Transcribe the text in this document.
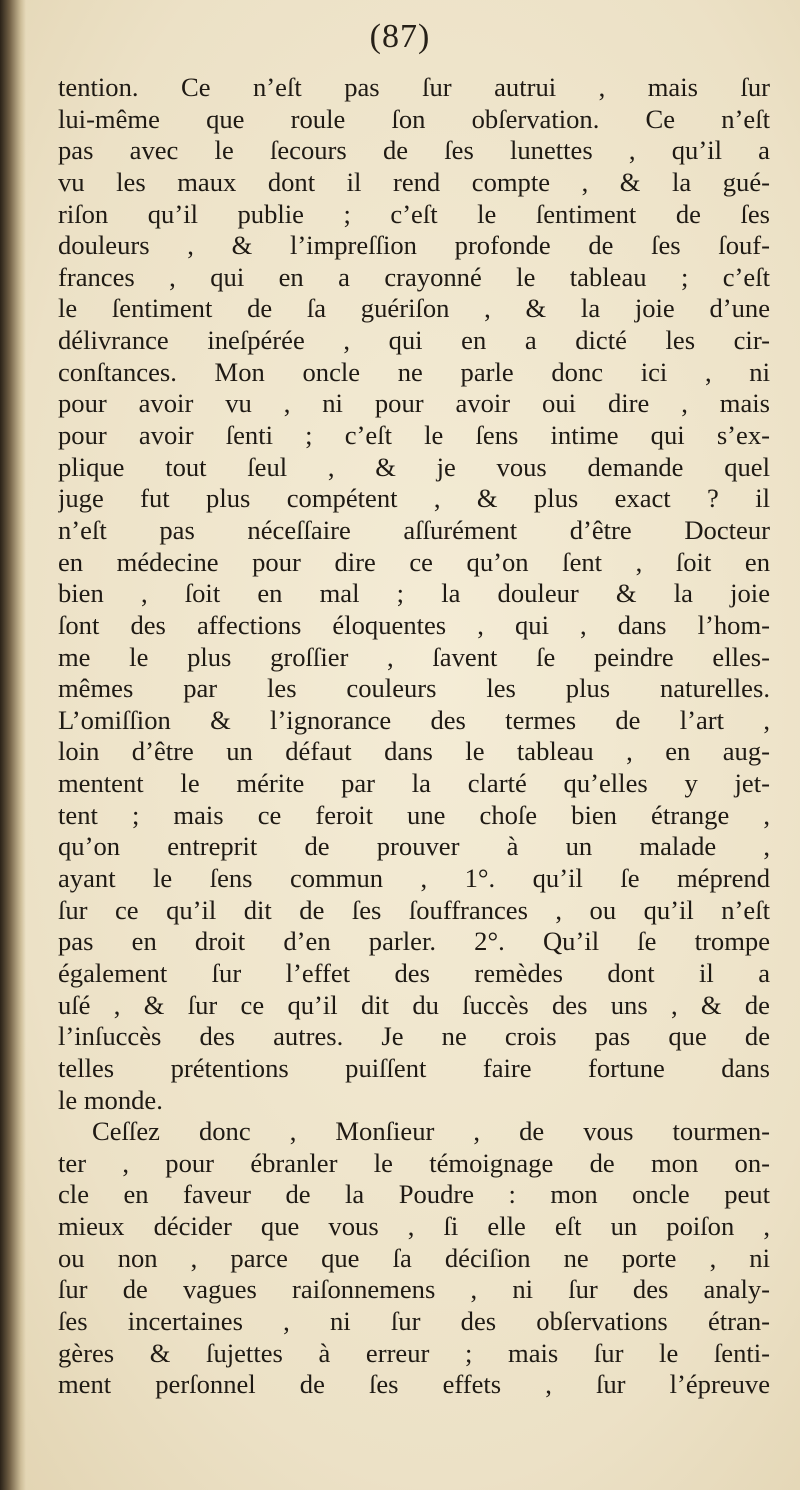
(87)
tention. Ce n’eſt pas ſur autrui , mais ſur
lui-même que roule ſon obſervation. Ce n’eſt
pas avec le ſecours de ſes lunettes , qu’il a
vu les maux dont il rend compte , & la gué-
riſon qu’il publie ; c’eſt le ſentiment de ſes
douleurs , & l’impreſſion profonde de ſes ſouf-
frances , qui en a crayonné le tableau ; c’eſt
le ſentiment de ſa guériſon , & la joie d’une
délivrance ineſpérée , qui en a dicté les cir-
conſtances. Mon oncle ne parle donc ici , ni
pour avoir vu , ni pour avoir oui dire , mais
pour avoir ſenti ; c’eſt le ſens intime qui s’ex-
plique tout ſeul , & je vous demande quel
juge fut plus compétent , & plus exact ? il
n’eſt pas néceſſaire aſſurément d’être Docteur
en médecine pour dire ce qu’on ſent , ſoit en
bien , ſoit en mal ; la douleur & la joie
ſont des affections éloquentes , qui , dans l’hom-
me le plus groſſier , ſavent ſe peindre elles-
mêmes par les couleurs les plus naturelles.
L’omiſſion & l’ignorance des termes de l’art ,
loin d’être un défaut dans le tableau , en aug-
mentent le mérite par la clarté qu’elles y jet-
tent ; mais ce feroit une choſe bien étrange ,
qu’on entreprit de prouver à un malade ,
ayant le ſens commun , 1°. qu’il ſe méprend
ſur ce qu’il dit de ſes ſouffrances , ou qu’il n’eſt
pas en droit d’en parler. 2°. Qu’il ſe trompe
également ſur l’effet des remèdes dont il a
uſé , & ſur ce qu’il dit du ſuccès des uns , & de
l’inſuccès des autres. Je ne crois pas que de
telles prétentions puiſſent faire fortune dans
le monde.
Ceſſez donc , Monſieur , de vous tourmen-
ter , pour ébranler le témoignage de mon on-
cle en faveur de la Poudre : mon oncle peut
mieux décider que vous , ſi elle eſt un poiſon ,
ou non , parce que ſa déciſion ne porte , ni
ſur de vagues raiſonnemens , ni ſur des analy-
ſes incertaines , ni ſur des obſervations étran-
gères & ſujettes à erreur ; mais ſur le ſenti-
ment perſonnel de ſes effets , ſur l’épreuve
